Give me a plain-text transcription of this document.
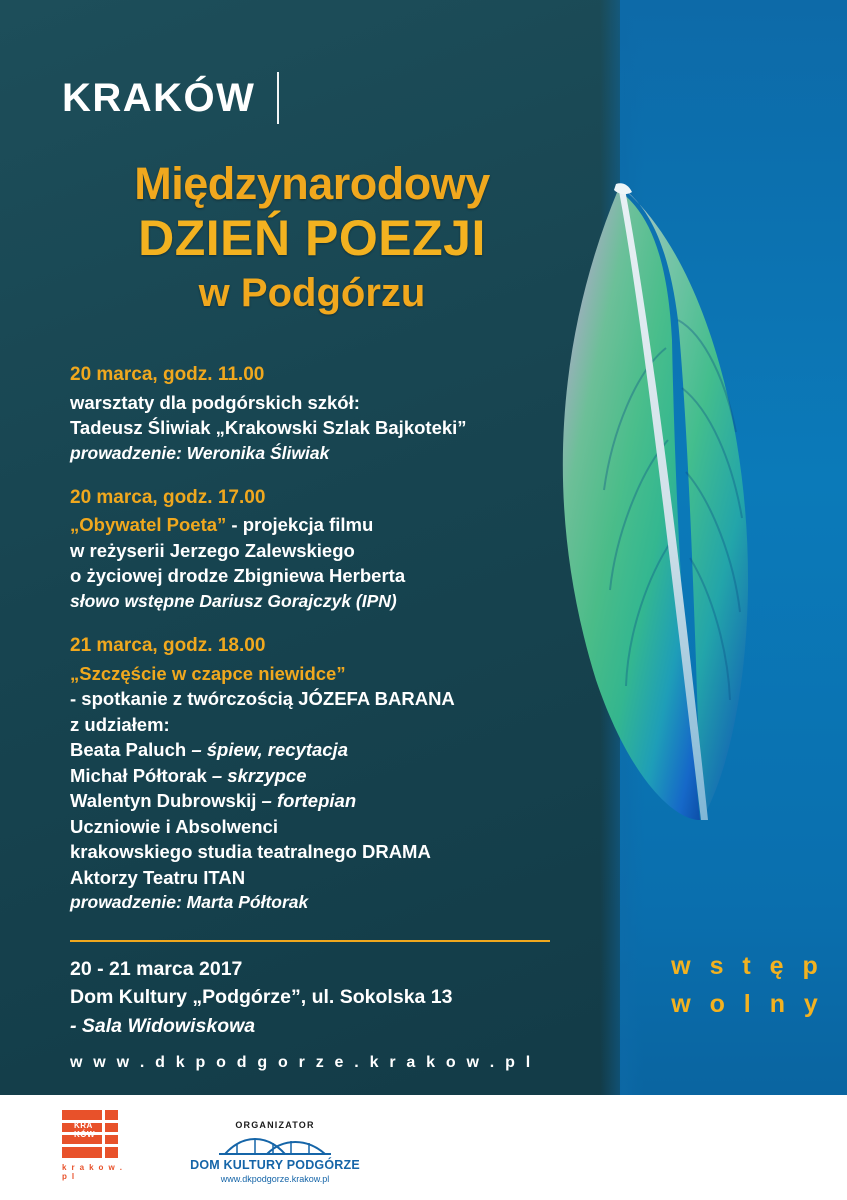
KRAKÓW
Międzynarodowy
DZIEŃ POEZJI
w Podgórzu
20 marca, godz. 11.00
warsztaty dla podgórskich szkół:
Tadeusz Śliwiak „Krakowski Szlak Bajkoteki”
prowadzenie: Weronika Śliwiak
20 marca, godz. 17.00
„Obywatel Poeta” - projekcja filmu
w reżyserii Jerzego Zalewskiego
o życiowej drodze Zbigniewa Herberta
słowo wstępne Dariusz Gorajczyk (IPN)
21 marca, godz. 18.00
„Szczęście w czapce niewidce”
- spotkanie z twórczością JÓZEFA BARANA
z udziałem:
Beata Paluch – śpiew, recytacja
Michał Półtorak – skrzypce
Walentyn Dubrowskij – fortepian
Uczniowie i Absolwenci
krakowskiego studia teatralnego DRAMA
Aktorzy Teatru ITAN
prowadzenie: Marta Półtorak
20 - 21 marca 2017
Dom Kultury „Podgórze”, ul. Sokolska 13
- Sala Widowiskowa
w w w . d k p o d g o r z e . k r a k o w . p l
w s t ę p
w o l n y
KRA
KÓW
k r a k o w . p l
ORGANIZATOR
DOM KULTURY PODGÓRZE
www.dkpodgorze.krakow.pl
